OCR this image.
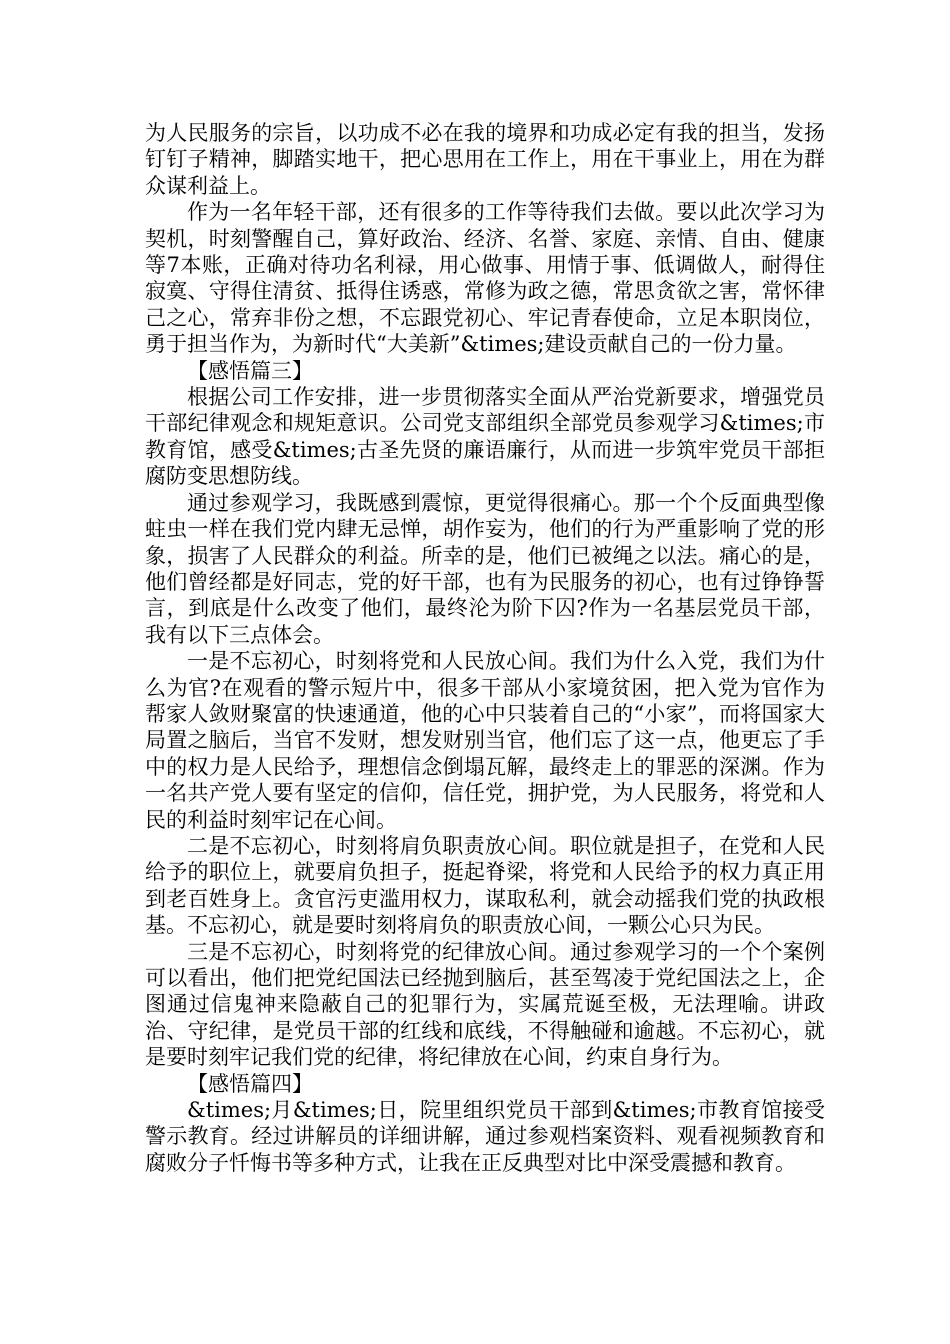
为人民服务的宗旨，以功成不必在我的境界和功成必定有我的担当，发扬钉钉子精神，脚踏实地干，把心思用在工作上，用在干事业上，用在为群众谋利益上。

作为一名年轻干部，还有很多的工作等待我们去做。要以此次学习为契机，时刻警醒自己，算好政治、经济、名誉、家庭、亲情、自由、健康等7本账，正确对待功名利禄，用心做事、用情于事、低调做人，耐得住寂寞、守得住清贫、抵得住诱惑，常修为政之德，常思贪欲之害，常怀律己之心，常弃非份之想，不忘跟党初心、牢记青春使命，立足本职岗位，勇于担当作为，为新时代“大美新”&times;建设贡献自己的一份力量。

【感悟篇三】

根据公司工作安排，进一步贯彻落实全面从严治党新要求，增强党员干部纪律观念和规矩意识。公司党支部组织全部党员参观学习&times;市教育馆，感受&times;古圣先贤的廉语廉行，从而进一步筑牢党员干部拒腐防变思想防线。

通过参观学习，我既感到震惊，更觉得很痛心。那一个个反面典型像蛀虫一样在我们党内肆无忌惮，胡作妄为，他们的行为严重影响了党的形象，损害了人民群众的利益。所幸的是，他们已被绳之以法。痛心的是，他们曾经都是好同志，党的好干部，也有为民服务的初心，也有过铮铮誓言，到底是什么改变了他们，最终沦为阶下囚?作为一名基层党员干部，我有以下三点体会。

一是不忘初心，时刻将党和人民放心间。我们为什么入党，我们为什么为官?在观看的警示短片中，很多干部从小家境贫困，把入党为官作为帮家人敛财聚富的快速通道，他的心中只装着自己的“小家”，而将国家大局置之脑后，当官不发财，想发财别当官，他们忘了这一点，他更忘了手中的权力是人民给予，理想信念倒塌瓦解，最终走上的罪恶的深渊。作为一名共产党人要有坚定的信仰，信任党，拥护党，为人民服务，将党和人民的利益时刻牢记在心间。

二是不忘初心，时刻将肩负职责放心间。职位就是担子，在党和人民给予的职位上，就要肩负担子，挺起脊梁，将党和人民给予的权力真正用到老百姓身上。贪官污吏滥用权力，谋取私利，就会动摇我们党的执政根基。不忘初心，就是要时刻将肩负的职责放心间，一颗公心只为民。

三是不忘初心，时刻将党的纪律放心间。通过参观学习的一个个案例可以看出，他们把党纪国法已经抛到脑后，甚至驾凌于党纪国法之上，企图通过信鬼神来隐蔽自己的犯罪行为，实属荒诞至极，无法理喻。讲政治、守纪律，是党员干部的红线和底线，不得触碰和逾越。不忘初心，就是要时刻牢记我们党的纪律，将纪律放在心间，约束自身行为。

【感悟篇四】

&times;月&times;日，院里组织党员干部到&times;市教育馆接受警示教育。经过讲解员的详细讲解，通过参观档案资料、观看视频教育和腐败分子忏悔书等多种方式，让我在正反典型对比中深受震撼和教育。
